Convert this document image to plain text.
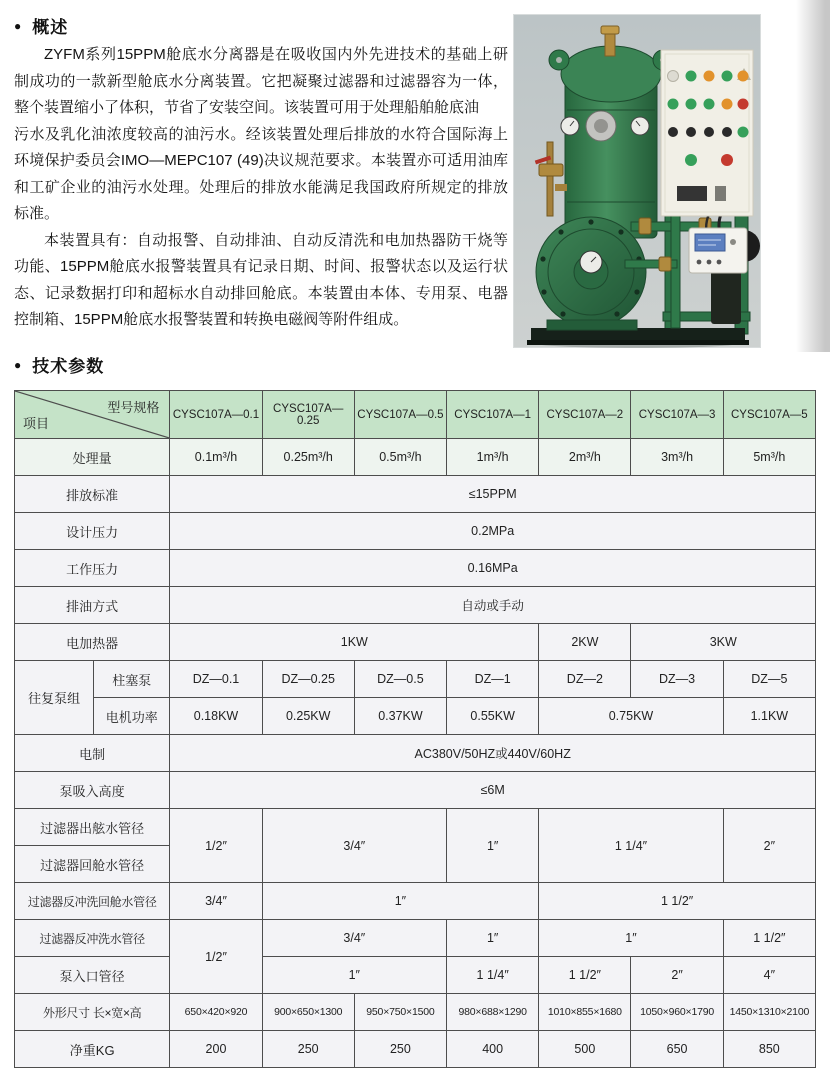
● 概述

ZYFM系列15PPM舱底水分离器是在吸收国内外先进技术的基础上研制成功的一款新型舱底水分离装置。它把凝聚过滤器和过滤器容为一体，整个装置缩小了体积，节省了安装空间。该装置可用于处理船舶舱底油

污水及乳化油浓度较高的油污水。经该装置处理后排放的水符合国际海上环境保护委员会IMO—MEPC107 (49)决议规范要求。本装置亦可适用油库和工矿企业的油污水处理。处理后的排放水能满足我国政府所规定的排放标准。

本装置具有：自动报警、自动排油、自动反清洗和电加热器防干烧等功能、15PPM舱底水报警装置具有记录日期、时间、报警状态以及运行状态、记录数据打印和超标水自动排回舱底。本装置由本体、专用泵、电器控制箱、15PPM舱底水报警装置和转换电磁阀等附件组成。

● 技术参数
型号规格
项目		CYSC107A—0.1	CYSC107A—0.25	CYSC107A—0.5	CYSC107A—1	CYSC107A—2	CYSC107A—3	CYSC107A—5
处理量		0.1m³/h	0.25m³/h	0.5m³/h	1m³/h	2m³/h	3m³/h	5m³/h
排放标准		≤15PPM						
设计压力		0.2MPa						
工作压力		0.16MPa						
排油方式		自动或手动						
电加热器		1KW				2KW	3KW	
往复泵组	柱塞泵	DZ—0.1	DZ—0.25	DZ—0.5	DZ—1	DZ—2	DZ—3	DZ—5
	电机功率	0.18KW	0.25KW	0.37KW	0.55KW	0.75KW		1.1KW
电制		AC380V/50HZ或440V/60HZ						
泵吸入高度		≤6M						
过滤器出舷水管径		1/2″	3/4″		1″	1 1/4″		2″
过滤器回舱水管径								
过滤器反冲洗回舱水管径		3/4″	1″			1 1/2″		
过滤器反冲洗水管径		1/2″	3/4″		1″	1″		1 1/2″
泵入口管径			1″		1 1/4″	1 1/2″	2″	4″
外形尺寸 长×宽×高		650×420×920	900×650×1300	950×750×1500	980×688×1290	1010×855×1680	1050×960×1790	1450×1310×2100
净重KG		200	250	250	400	500	650	850
